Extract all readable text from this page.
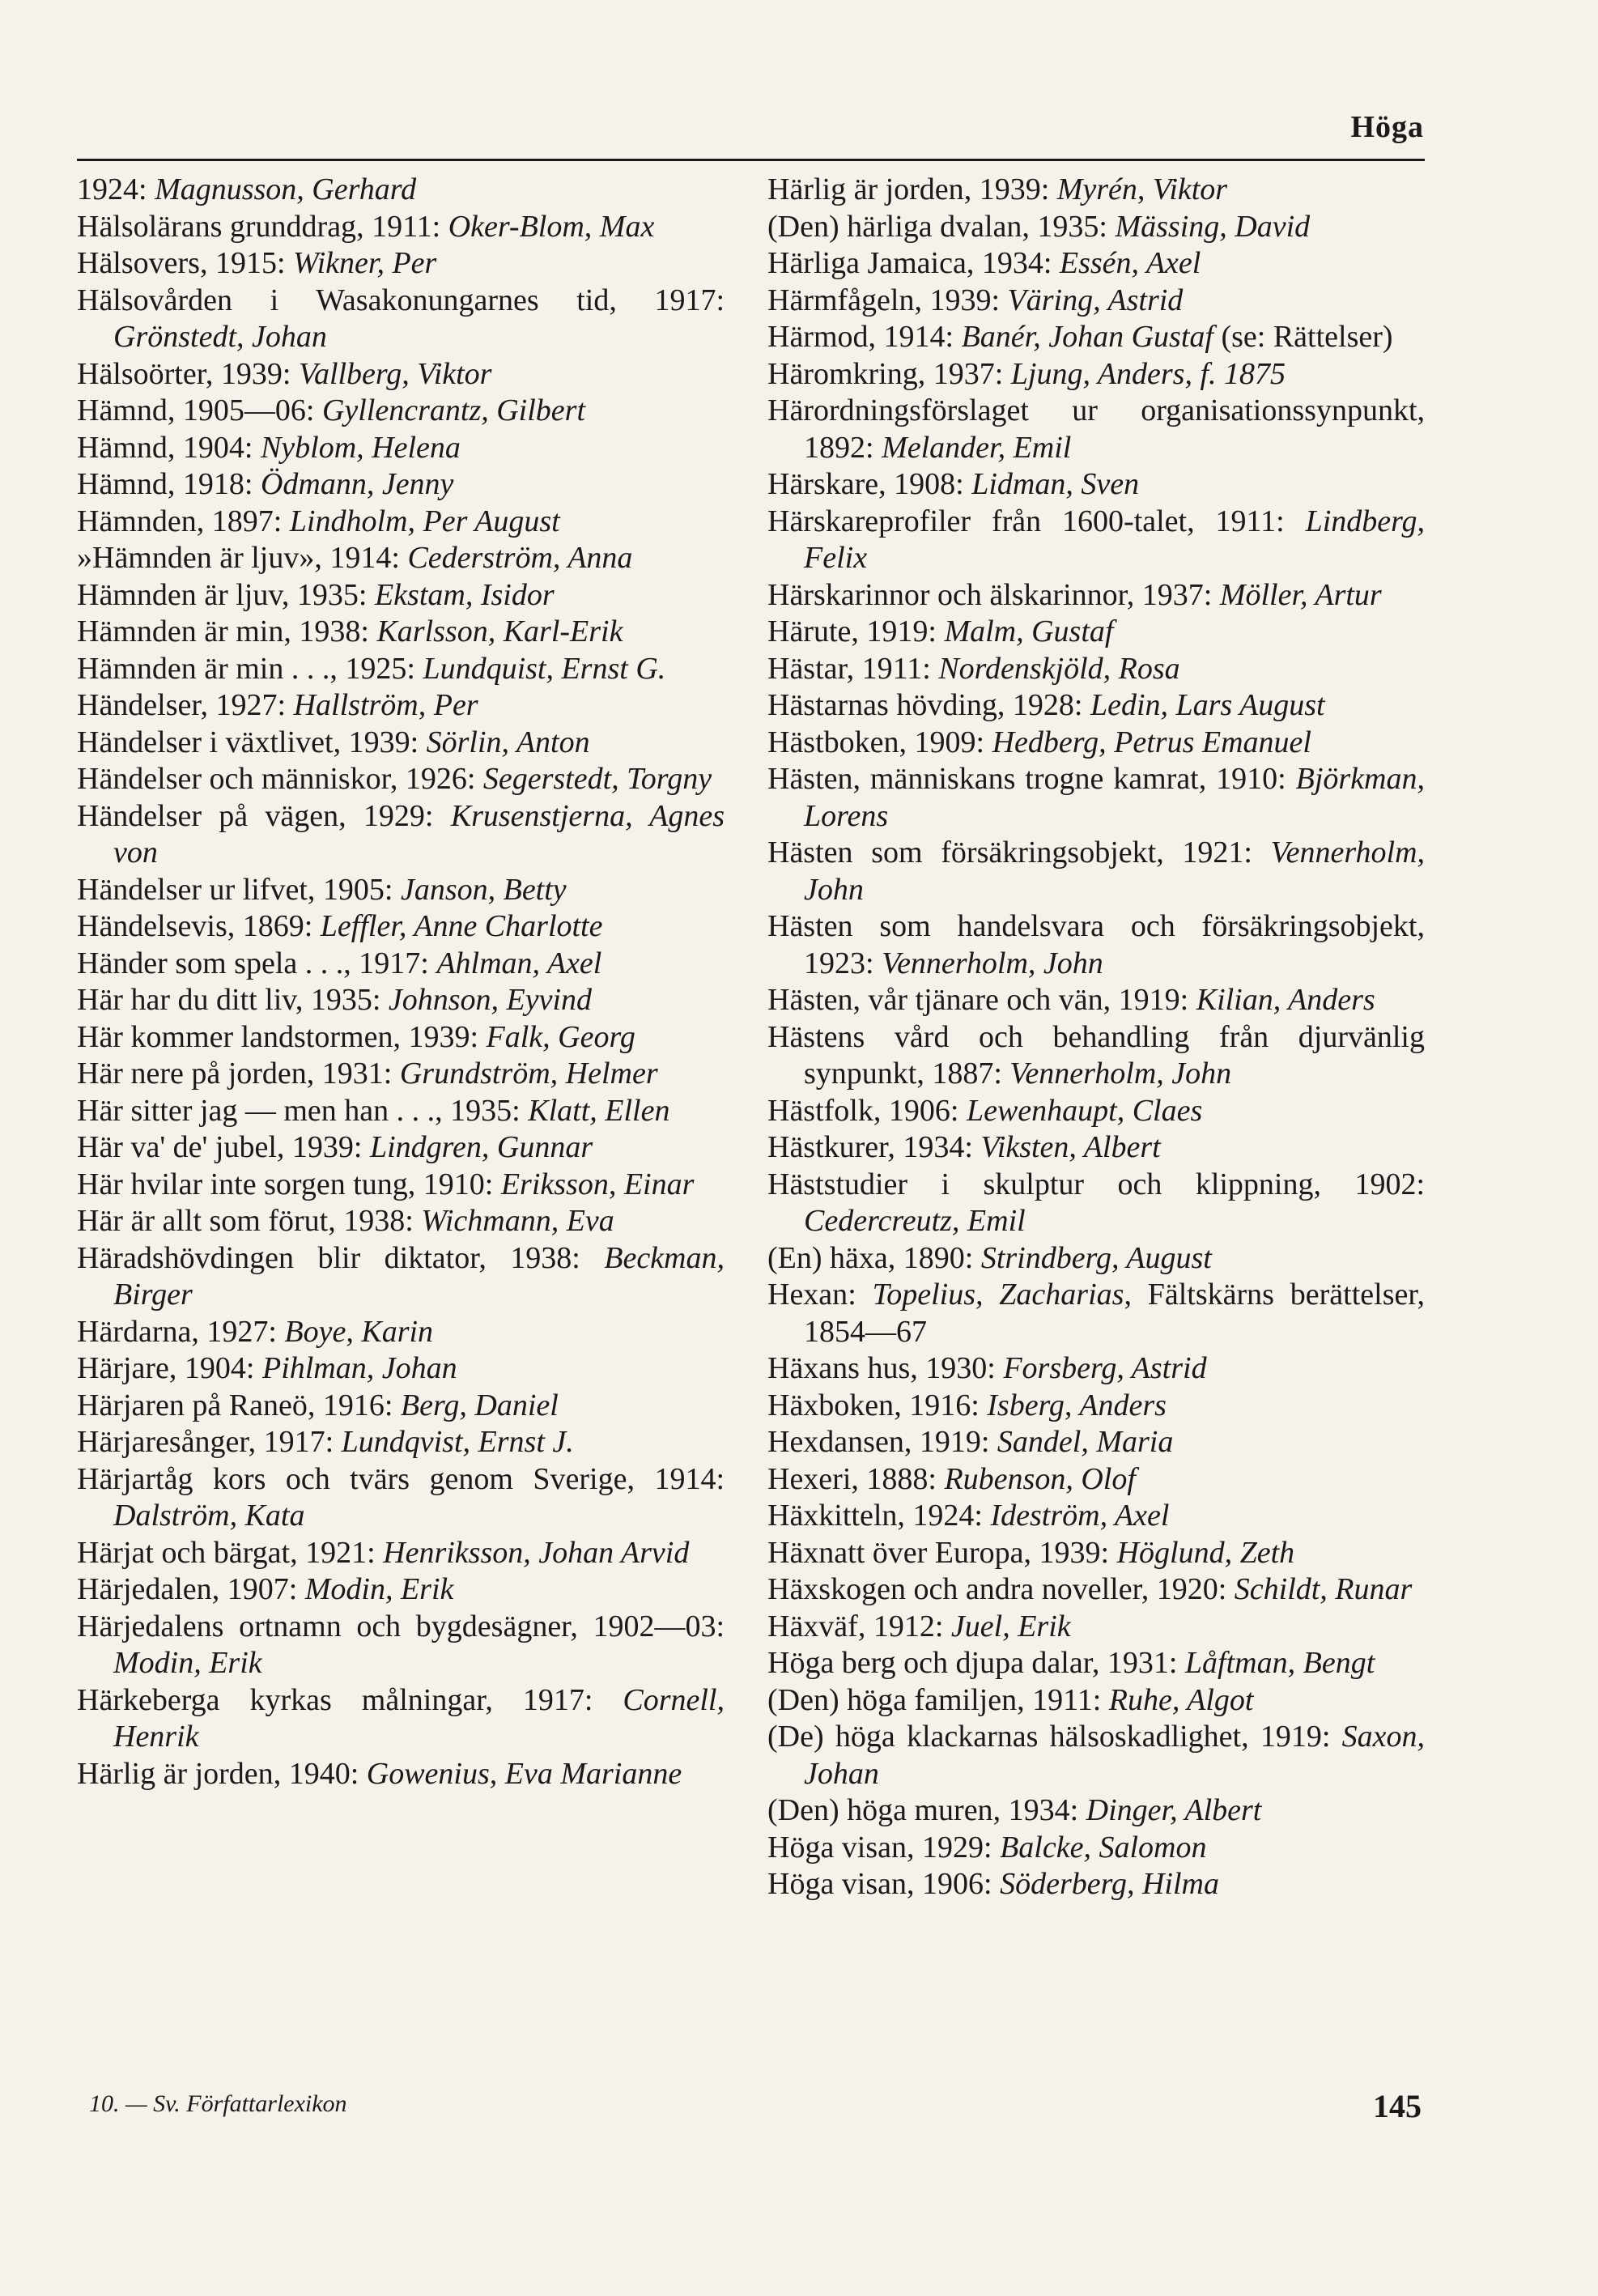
Höga
1924: Magnusson, Gerhard
Hälsolärans grunddrag, 1911: Oker-Blom, Max
Hälsovers, 1915: Wikner, Per
Hälsovården i Wasakonungarnes tid, 1917: Grönstedt, Johan
Hälsoörter, 1939: Vallberg, Viktor
Hämnd, 1905—06: Gyllencrantz, Gilbert
Hämnd, 1904: Nyblom, Helena
Hämnd, 1918: Ödmann, Jenny
Hämnden, 1897: Lindholm, Per August
»Hämnden är ljuv», 1914: Cederström, Anna
Hämnden är ljuv, 1935: Ekstam, Isidor
Hämnden är min, 1938: Karlsson, Karl-Erik
Hämnden är min . . ., 1925: Lundquist, Ernst G.
Händelser, 1927: Hallström, Per
Händelser i växtlivet, 1939: Sörlin, Anton
Händelser och människor, 1926: Segerstedt, Torgny
Händelser på vägen, 1929: Krusenstjerna, Agnes von
Händelser ur lifvet, 1905: Janson, Betty
Händelsevis, 1869: Leffler, Anne Charlotte
Händer som spela . . ., 1917: Ahlman, Axel
Här har du ditt liv, 1935: Johnson, Eyvind
Här kommer landstormen, 1939: Falk, Georg
Här nere på jorden, 1931: Grundström, Helmer
Här sitter jag — men han . . ., 1935: Klatt, Ellen
Här va' de' jubel, 1939: Lindgren, Gunnar
Här hvilar inte sorgen tung, 1910: Eriksson, Einar
Här är allt som förut, 1938: Wichmann, Eva
Häradshövdingen blir diktator, 1938: Beckman, Birger
Härdarna, 1927: Boye, Karin
Härjare, 1904: Pihlman, Johan
Härjaren på Raneö, 1916: Berg, Daniel
Härjaresånger, 1917: Lundqvist, Ernst J.
Härjartåg kors och tvärs genom Sverige, 1914: Dalström, Kata
Härjat och bärgat, 1921: Henriksson, Johan Arvid
Härjedalen, 1907: Modin, Erik
Härjedalens ortnamn och bygdesägner, 1902—03: Modin, Erik
Härkeberga kyrkas målningar, 1917: Cornell, Henrik
Härlig är jorden, 1940: Gowenius, Eva Marianne
Härlig är jorden, 1939: Myrén, Viktor
(Den) härliga dvalan, 1935: Mässing, David
Härliga Jamaica, 1934: Essén, Axel
Härmfågeln, 1939: Väring, Astrid
Härmod, 1914: Banér, Johan Gustaf (se: Rättelser)
Häromkring, 1937: Ljung, Anders, f. 1875
Härordningsförslaget ur organisationssynpunkt, 1892: Melander, Emil
Härskare, 1908: Lidman, Sven
Härskareprofiler från 1600-talet, 1911: Lindberg, Felix
Härskarinnor och älskarinnor, 1937: Möller, Artur
Härute, 1919: Malm, Gustaf
Hästar, 1911: Nordenskjöld, Rosa
Hästarnas hövding, 1928: Ledin, Lars August
Hästboken, 1909: Hedberg, Petrus Emanuel
Hästen, människans trogne kamrat, 1910: Björkman, Lorens
Hästen som försäkringsobjekt, 1921: Vennerholm, John
Hästen som handelsvara och försäkringsobjekt, 1923: Vennerholm, John
Hästen, vår tjänare och vän, 1919: Kilian, Anders
Hästens vård och behandling från djurvänlig synpunkt, 1887: Vennerholm, John
Hästfolk, 1906: Lewenhaupt, Claes
Hästkurer, 1934: Viksten, Albert
Häststudier i skulptur och klippning, 1902: Cedercreutz, Emil
(En) häxa, 1890: Strindberg, August
Hexan: Topelius, Zacharias, Fältskärns berättelser, 1854—67
Häxans hus, 1930: Forsberg, Astrid
Häxboken, 1916: Isberg, Anders
Hexdansen, 1919: Sandel, Maria
Hexeri, 1888: Rubenson, Olof
Häxkitteln, 1924: Ideström, Axel
Häxnatt över Europa, 1939: Höglund, Zeth
Häxskogen och andra noveller, 1920: Schildt, Runar
Häxväf, 1912: Juel, Erik
Höga berg och djupa dalar, 1931: Låftman, Bengt
(Den) höga familjen, 1911: Ruhe, Algot
(De) höga klackarnas hälsoskadlighet, 1919: Saxon, Johan
(Den) höga muren, 1934: Dinger, Albert
Höga visan, 1929: Balcke, Salomon
Höga visan, 1906: Söderberg, Hilma
10. — Sv. Författarlexikon	145
